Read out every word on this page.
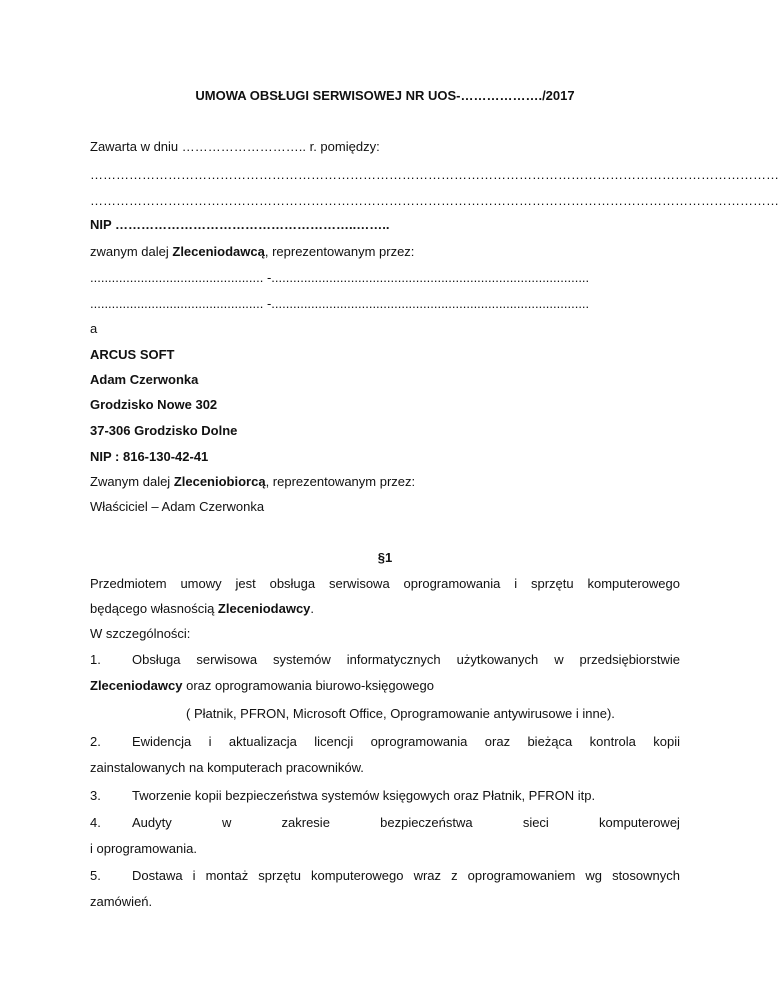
UMOWA OBSŁUGI SERWISOWEJ NR UOS-………………./2017
Zawarta w dniu ……………………….. r. pomiędzy:
……………………………………………………………………………………………………………………………………………
……………………………………………………………………………………………………………………………………………
NIP ………………………………………………..……..
zwanym dalej Zleceniodawcą, reprezentowanym przez:
................................................ -........................................................................................
................................................ -........................................................................................
a
ARCUS SOFT
Adam Czerwonka
Grodzisko Nowe 302
37-306 Grodzisko Dolne
NIP : 816-130-42-41
Zwanym dalej Zleceniobiorcą, reprezentowanym przez:
Właściciel – Adam Czerwonka
§1
Przedmiotem umowy jest obsługa serwisowa oprogramowania i sprzętu komputerowego
będącego własnością Zleceniodawcy.
W szczególności:
1.	Obsługa serwisowa systemów informatycznych użytkowanych w przedsiębiorstwie
Zleceniodawcy oraz oprogramowania biurowo-księgowego
( Płatnik, PFRON, Microsoft Office, Oprogramowanie antywirusowe i inne).
2.	Ewidencja i aktualizacja licencji oprogramowania oraz bieżąca kontrola kopii
zainstalowanych na komputerach pracowników.
3. Tworzenie kopii bezpieczeństwa systemów księgowych oraz Płatnik, PFRON itp.
4.	Audyty	w	zakresie	bezpieczeństwa	sieci	komputerowej
i oprogramowania.
5.	Dostawa i montaż sprzętu komputerowego wraz z oprogramowaniem wg stosownych
zamówień.
